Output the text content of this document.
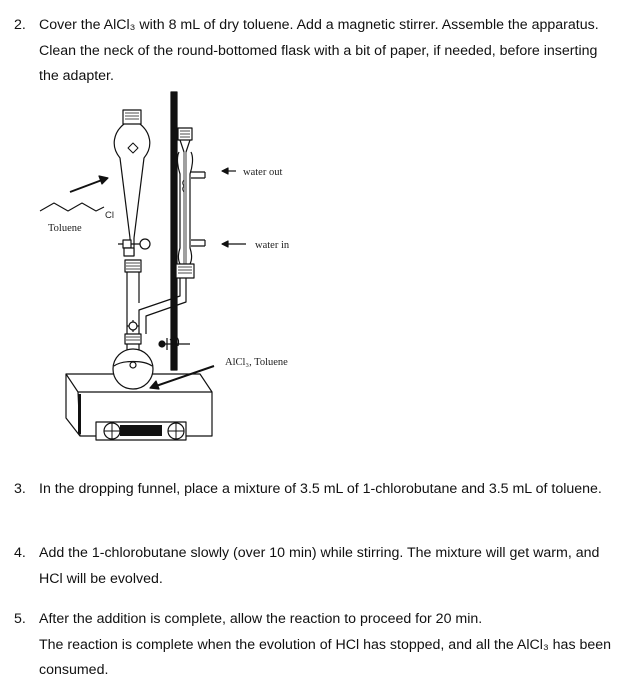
2. Cover the AlCl₃ with 8 mL of dry toluene. Add a magnetic stirrer. Assemble the apparatus. Clean the neck of the round-bottomed flask with a bit of paper, if needed, before inserting the adapter.
water out
water in
AlCl₃, Toluene
Toluene
Cl
3. In the dropping funnel, place a mixture of 3.5 mL of 1-chlorobutane and 3.5 mL of toluene.
4. Add the 1-chlorobutane slowly (over 10 min) while stirring. The mixture will get warm, and HCl will be evolved.
5. After the addition is complete, allow the reaction to proceed for 20 min.
The reaction is complete when the evolution of HCl has stopped, and all the AlCl₃ has been consumed.
